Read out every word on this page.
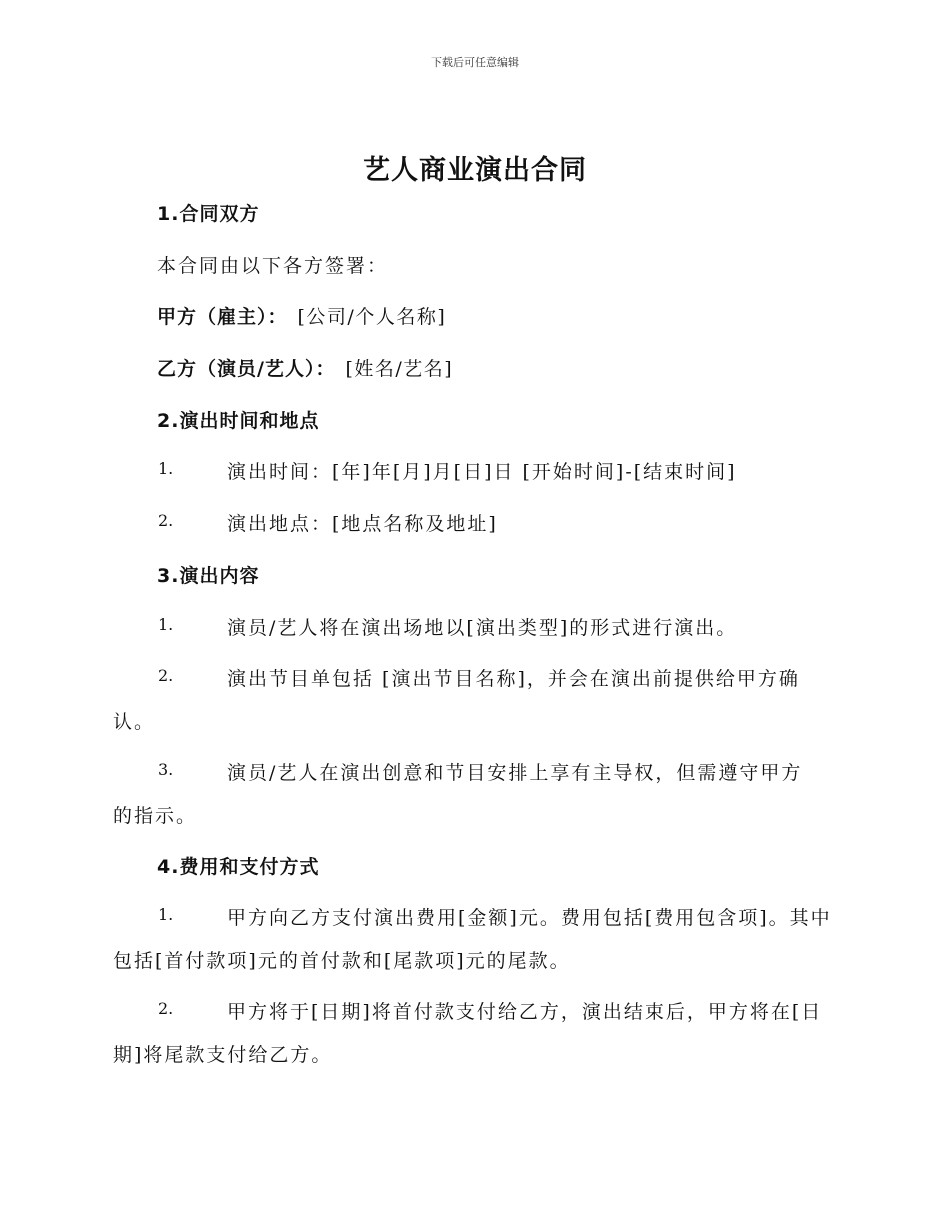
下载后可任意编辑
艺人商业演出合同
1.合同双方
本合同由以下各方签署：
甲方（雇主）： [公司/个人名称]
乙方（演员/艺人）： [姓名/艺名]
2.演出时间和地点
1.	演出时间：[年]年[月]月[日]日 [开始时间]-[结束时间]
2.	演出地点：[地点名称及地址]
3.演出内容
1.	演员/艺人将在演出场地以[演出类型]的形式进行演出。
2.	演出节目单包括 [演出节目名称]，并会在演出前提供给甲方确
认。
3.	演员/艺人在演出创意和节目安排上享有主导权，但需遵守甲方
的指示。
4.费用和支付方式
1.	甲方向乙方支付演出费用[金额]元。费用包括[费用包含项]。其中
包括[首付款项]元的首付款和[尾款项]元的尾款。
2.	甲方将于[日期]将首付款支付给乙方，演出结束后，甲方将在[日
期]将尾款支付给乙方。
